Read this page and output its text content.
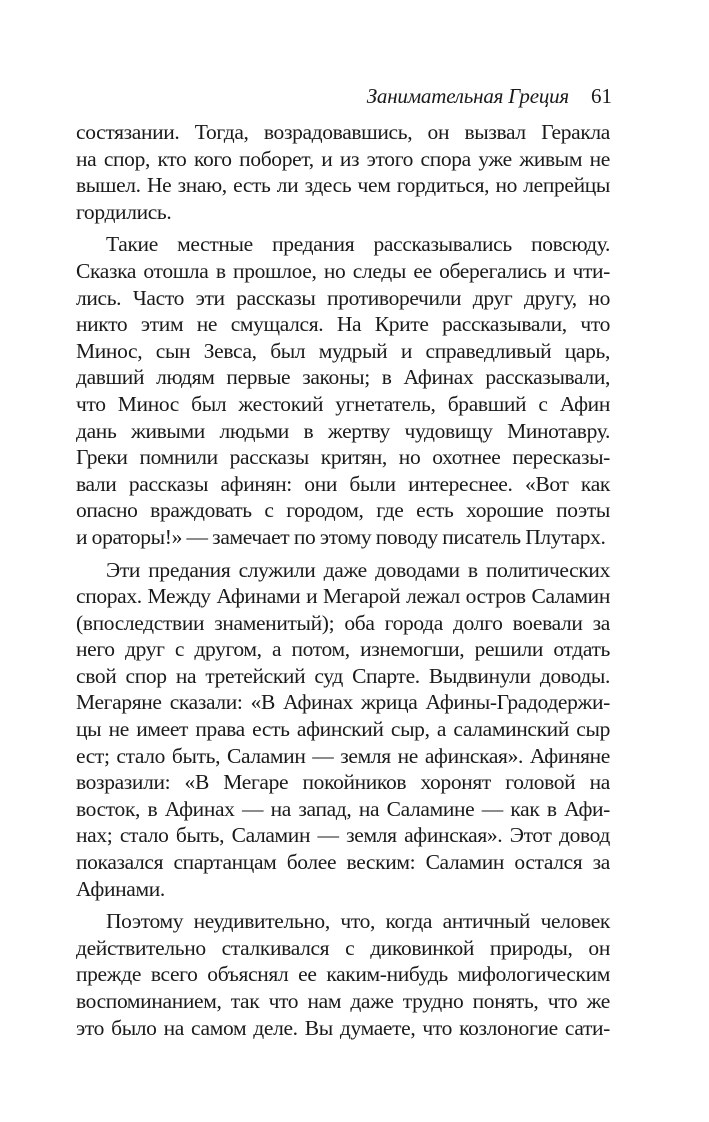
Занимательная Греция 61
состязании. Тогда, возрадовавшись, он вызвал Геракла
на спор, кто кого поборет, и из этого спора уже живым не
вышел. Не знаю, есть ли здесь чем гордиться, но лепрейцы
гордились.
Такие местные предания рассказывались повсюду.
Сказка отошла в прошлое, но следы ее оберегались и чти-
лись. Часто эти рассказы противоречили друг другу, но
никто этим не смущался. На Крите рассказывали, что
Минос, сын Зевса, был мудрый и справедливый царь,
давший людям первые законы; в Афинах рассказывали,
что Минос был жестокий угнетатель, бравший с Афин
дань живыми людьми в жертву чудовищу Минотавру.
Греки помнили рассказы критян, но охотнее пересказы-
вали рассказы афинян: они были интереснее. «Вот как
опасно враждовать с городом, где есть хорошие поэты
и ораторы!» — замечает по этому поводу писатель Плутарх.
Эти предания служили даже доводами в политических
спорах. Между Афинами и Мегарой лежал остров Саламин
(впоследствии знаменитый); оба города долго воевали за
него друг с другом, а потом, изнемогши, решили отдать
свой спор на третейский суд Спарте. Выдвинули доводы.
Мегаряне сказали: «В Афинах жрица Афины-Градодержи-
цы не имеет права есть афинский сыр, а саламинский сыр
ест; стало быть, Саламин — земля не афинская». Афиняне
возразили: «В Мегаре покойников хоронят головой на
восток, в Афинах — на запад, на Саламине — как в Афи-
нах; стало быть, Саламин — земля афинская». Этот довод
показался спартанцам более веским: Саламин остался за
Афинами.
Поэтому неудивительно, что, когда античный человек
действительно сталкивался с диковинкой природы, он
прежде всего объяснял ее каким-нибудь мифологическим
воспоминанием, так что нам даже трудно понять, что же
это было на самом деле. Вы думаете, что козлоногие сати-
